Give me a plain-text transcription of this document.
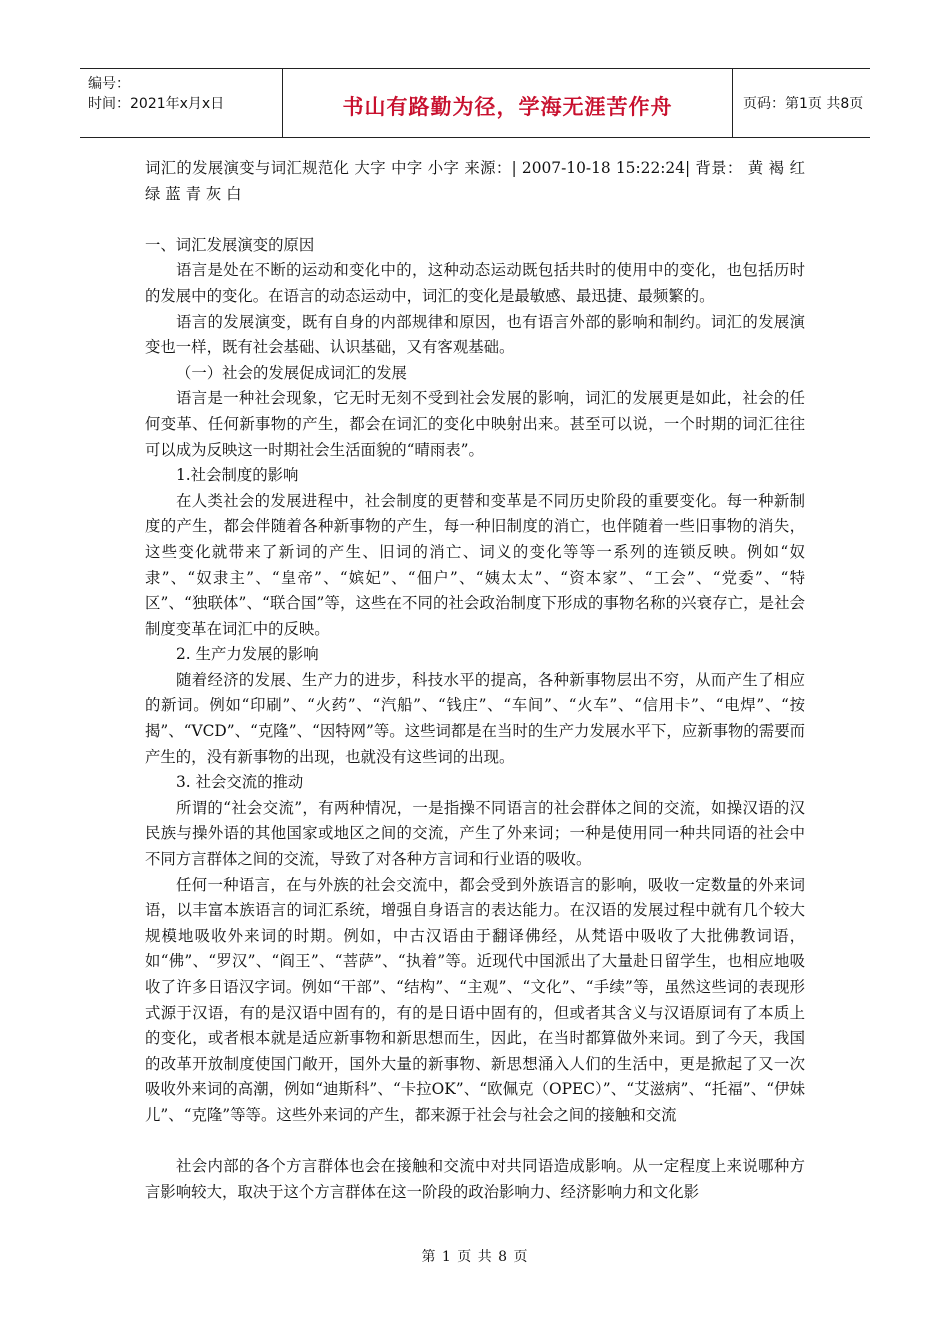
编号：
时间：2021年x月x日	书山有路勤为径，学海无涯苦作舟	页码：第1页 共8页

词汇的发展演变与词汇规范化 大字 中字 小字 来源：| 2007-10-18 15:22:24| 背景： 黄 褐 红 绿 蓝 青 灰 白

一、词汇发展演变的原因

语言是处在不断的运动和变化中的，这种动态运动既包括共时的使用中的变化，也包括历时的发展中的变化。在语言的动态运动中，词汇的变化是最敏感、最迅捷、最频繁的。

语言的发展演变，既有自身的内部规律和原因，也有语言外部的影响和制约。词汇的发展演变也一样，既有社会基础、认识基础，又有客观基础。

（一）社会的发展促成词汇的发展

语言是一种社会现象，它无时无刻不受到社会发展的影响，词汇的发展更是如此，社会的任何变革、任何新事物的产生，都会在词汇的变化中映射出来。甚至可以说，一个时期的词汇往往可以成为反映这一时期社会生活面貌的“晴雨表”。

1.社会制度的影响

在人类社会的发展进程中，社会制度的更替和变革是不同历史阶段的重要变化。每一种新制度的产生，都会伴随着各种新事物的产生，每一种旧制度的消亡，也伴随着一些旧事物的消失，这些变化就带来了新词的产生、旧词的消亡、词义的变化等等一系列的连锁反映。例如“奴隶”、“奴隶主”、“皇帝”、“嫔妃”、“佃户”、“姨太太”、“资本家”、“工会”、“党委”、“特区”、“独联体”、“联合国”等，这些在不同的社会政治制度下形成的事物名称的兴衰存亡，是社会制度变革在词汇中的反映。

2. 生产力发展的影响

随着经济的发展、生产力的进步，科技水平的提高，各种新事物层出不穷，从而产生了相应的新词。例如“印刷”、“火药”、“汽船”、“钱庄”、“车间”、“火车”、“信用卡”、“电焊”、“按揭”、“VCD”、“克隆”、“因特网”等。这些词都是在当时的生产力发展水平下，应新事物的需要而产生的，没有新事物的出现，也就没有这些词的出现。

3. 社会交流的推动

所谓的“社会交流”，有两种情况，一是指操不同语言的社会群体之间的交流，如操汉语的汉民族与操外语的其他国家或地区之间的交流，产生了外来词；一种是使用同一种共同语的社会中不同方言群体之间的交流，导致了对各种方言词和行业语的吸收。

任何一种语言，在与外族的社会交流中，都会受到外族语言的影响，吸收一定数量的外来词语，以丰富本族语言的词汇系统，增强自身语言的表达能力。在汉语的发展过程中就有几个较大规模地吸收外来词的时期。例如，中古汉语由于翻译佛经，从梵语中吸收了大批佛教词语，如“佛”、“罗汉”、“阎王”、“菩萨”、“执着”等。近现代中国派出了大量赴日留学生，也相应地吸收了许多日语汉字词。例如“干部”、“结构”、“主观”、“文化”、“手续”等，虽然这些词的表现形式源于汉语，有的是汉语中固有的，有的是日语中固有的，但或者其含义与汉语原词有了本质上的变化，或者根本就是适应新事物和新思想而生，因此，在当时都算做外来词。到了今天，我国的改革开放制度使国门敞开，国外大量的新事物、新思想涌入人们的生活中，更是掀起了又一次吸收外来词的高潮，例如“迪斯科”、“卡拉OK”、“欧佩克（OPEC）”、“艾滋病”、“托福”、“伊妹儿”、“克隆”等等。这些外来词的产生，都来源于社会与社会之间的接触和交流

社会内部的各个方言群体也会在接触和交流中对共同语造成影响。从一定程度上来说哪种方言影响较大，取决于这个方言群体在这一阶段的政治影响力、经济影响力和文化影

第 1 页 共 8 页
